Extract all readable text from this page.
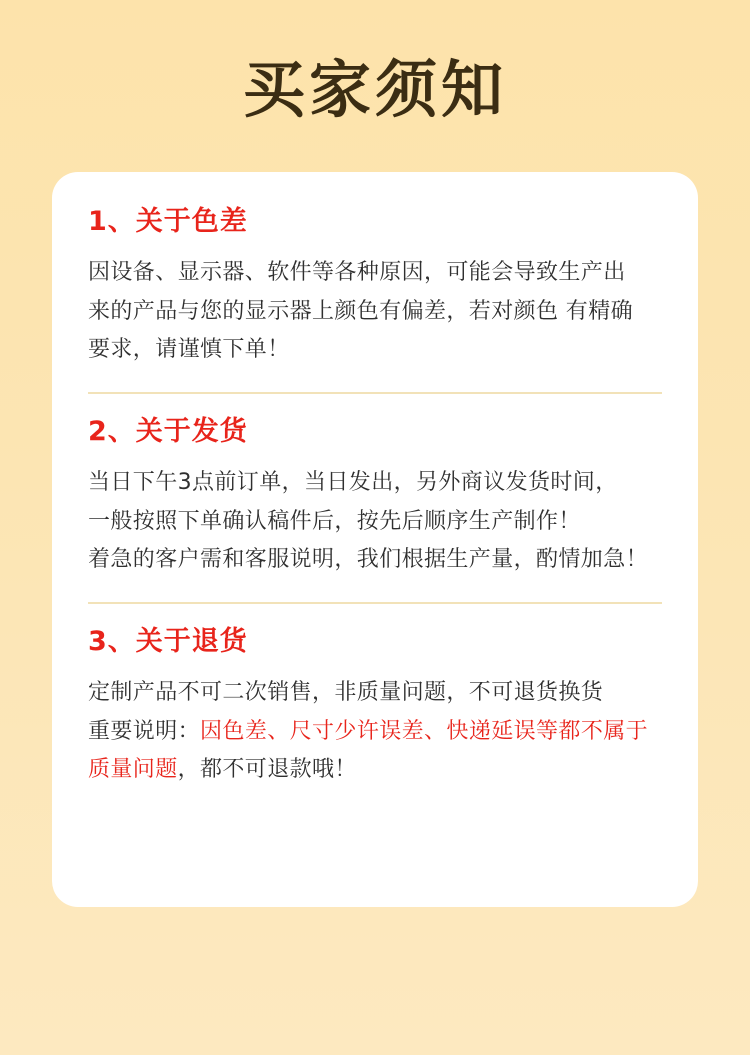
买家须知
1、关于色差

因设备、显示器、软件等各种原因，可能会导致生产出

来的产品与您的显示器上颜色有偏差，若对颜色 有精确

要求，请谨慎下单！

2、关于发货

当日下午3点前订单，当日发出，另外商议发货时间，

一般按照下单确认稿件后，按先后顺序生产制作！

着急的客户需和客服说明，我们根据生产量，酌情加急！

3、关于退货

定制产品不可二次销售，非质量问题，不可退货换货

重要说明：因色差、尺寸少许误差、快递延误等都不属于质量问题，都不可退款哦！
